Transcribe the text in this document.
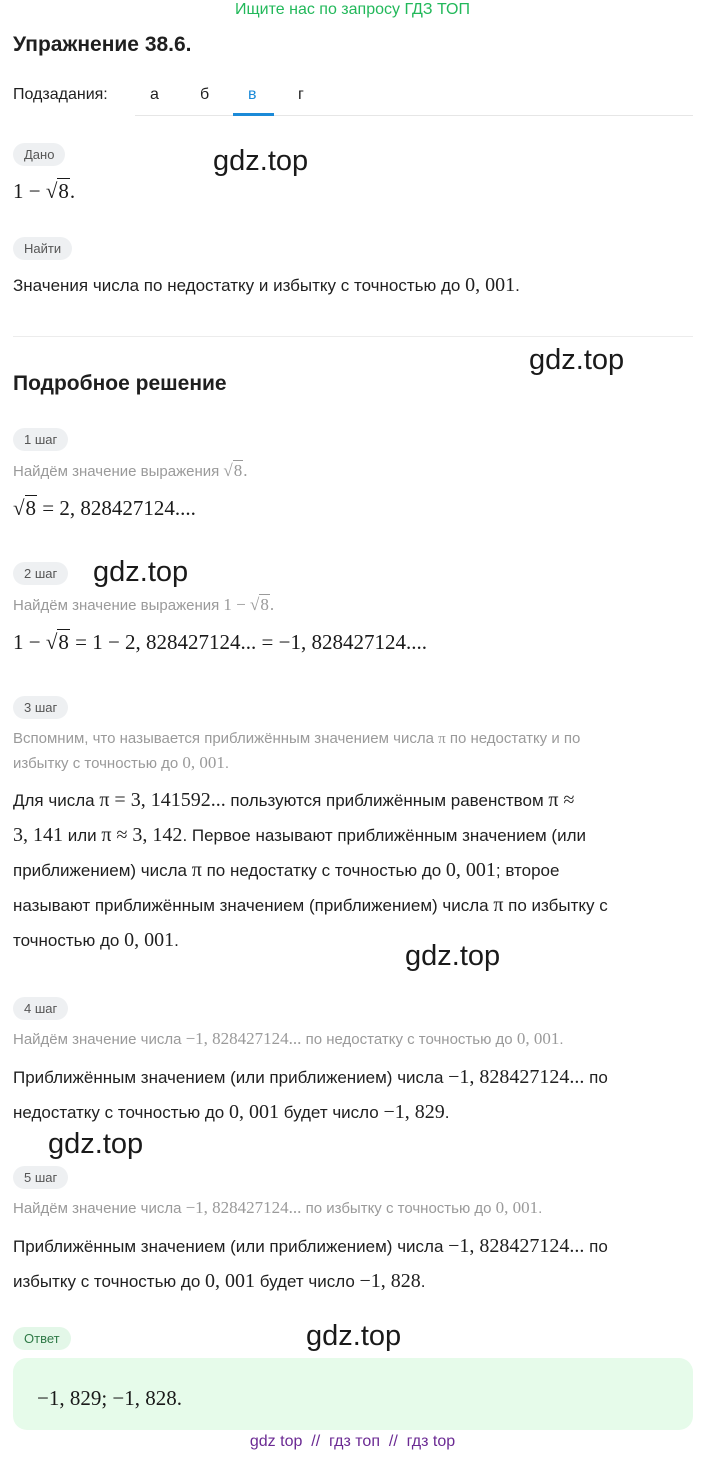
Ищите нас по запросу ГДЗ ТОП
Упражнение 38.6.
Подзадания:	а	б в	г
Дано	gdz.top
1 − √8.
Найти
Значения числа по недостатку и избытку с точностью до 0, 001.
gdz.top
Подробное решение
1 шаг
Найдём значение выражения √8.
√8 = 2, 828427124....
2 шаг	gdz.top
Найдём значение выражения 1 − √8.
1 − √8 = 1 − 2, 828427124... = −1, 828427124....
3 шаг
Вспомним, что называется приближённым значением числа π по недостатку и по
избытку с точностью до 0, 001.
Для числа π = 3, 141592... пользуются приближённым равенством π ≈
3, 141 или π ≈ 3, 142. Первое называют приближённым значением (или
приближением) числа π по недостатку с точностью до 0, 001; второе
называют приближённым значением (приближением) числа π по избытку с
точностью до 0, 001.	gdz.top
4 шаг
Найдём значение числа −1, 828427124... по недостатку с точностью до 0, 001.
Приближённым значением (или приближением) числа −1, 828427124... по
недостатку с точностью до 0, 001 будет число −1, 829.
gdz.top
5 шаг
Найдём значение числа −1, 828427124... по избытку с точностью до 0, 001.
Приближённым значением (или приближением) числа −1, 828427124... по
избытку с точностью до 0, 001 будет число −1, 828.
Ответ	gdz.top
−1, 829; −1, 828.
gdz top  //  гдз топ  //  гдз top
